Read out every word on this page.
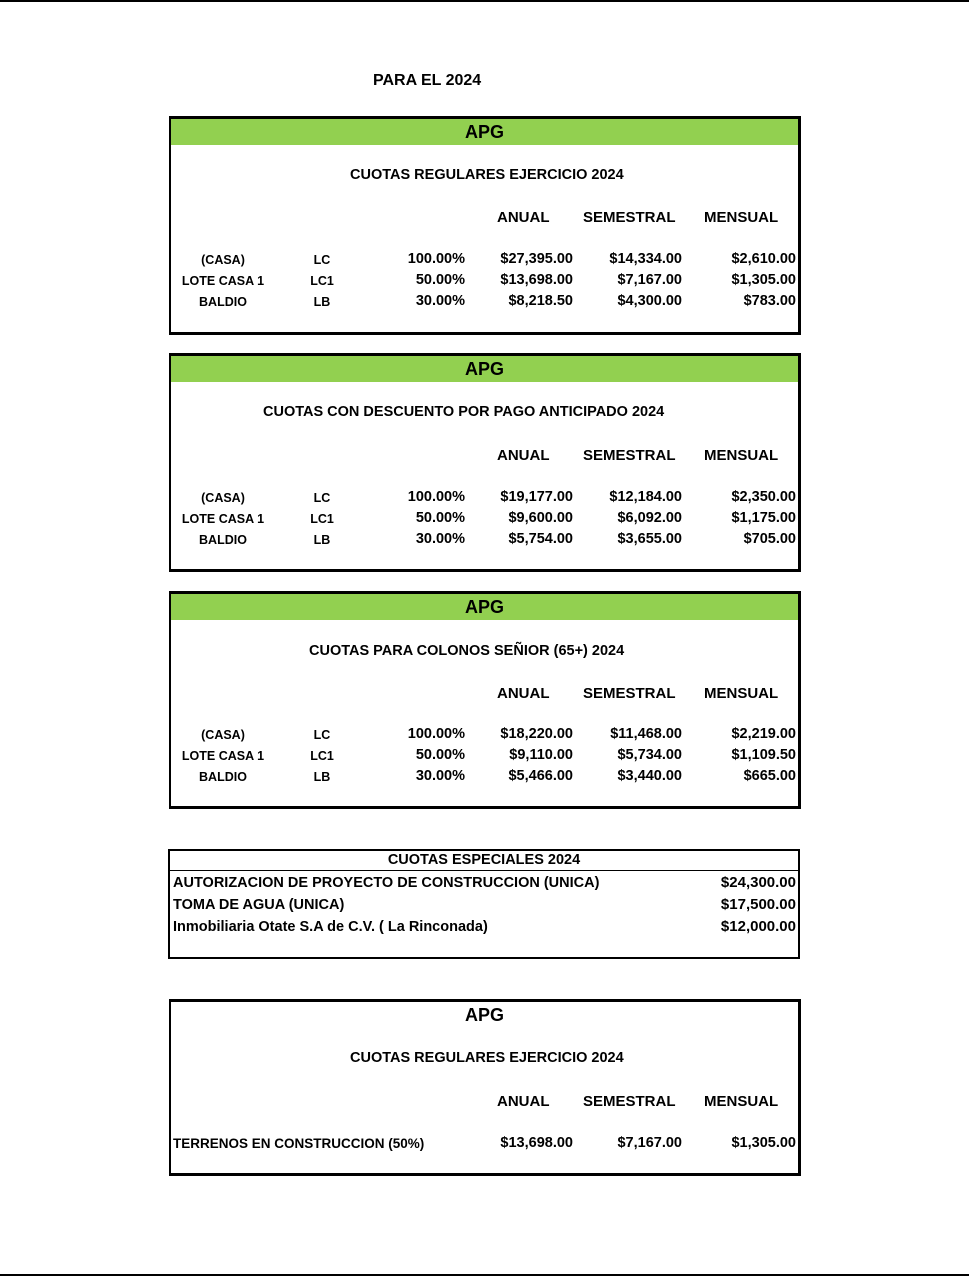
PARA EL 2024
APG
CUOTAS REGULARES EJERCICIO 2024
ANUAL SEMESTRAL MENSUAL
(CASA)	LC	100.00% $27,395.00	$14,334.00	$2,610.00
LOTE CASA 1	LC1	50.00% $13,698.00	$7,167.00	$1,305.00
BALDIO	LB	30.00%	$8,218.50	$4,300.00	$783.00
APG
CUOTAS CON DESCUENTO POR PAGO ANTICIPADO 2024
ANUAL SEMESTRAL MENSUAL
(CASA)	LC	100.00% $19,177.00	$12,184.00	$2,350.00
LOTE CASA 1	LC1	50.00%	$9,600.00	$6,092.00	$1,175.00
BALDIO	LB	30.00%	$5,754.00	$3,655.00	$705.00
APG
CUOTAS PARA COLONOS SEÑIOR (65+) 2024
ANUAL SEMESTRAL MENSUAL
(CASA)	LC	100.00% $18,220.00	$11,468.00	$2,219.00
LOTE CASA 1	LC1	50.00%	$9,110.00	$5,734.00	$1,109.50
BALDIO	LB	30.00%	$5,466.00	$3,440.00	$665.00
CUOTAS ESPECIALES 2024
AUTORIZACION DE PROYECTO DE CONSTRUCCION (UNICA)	$24,300.00
TOMA DE AGUA (UNICA)	$17,500.00
Inmobiliaria Otate S.A de C.V. ( La Rinconada)	$12,000.00
APG
CUOTAS REGULARES EJERCICIO 2024
ANUAL SEMESTRAL MENSUAL
TERRENOS EN CONSTRUCCION (50%)	$13,698.00	$7,167.00	$1,305.00
